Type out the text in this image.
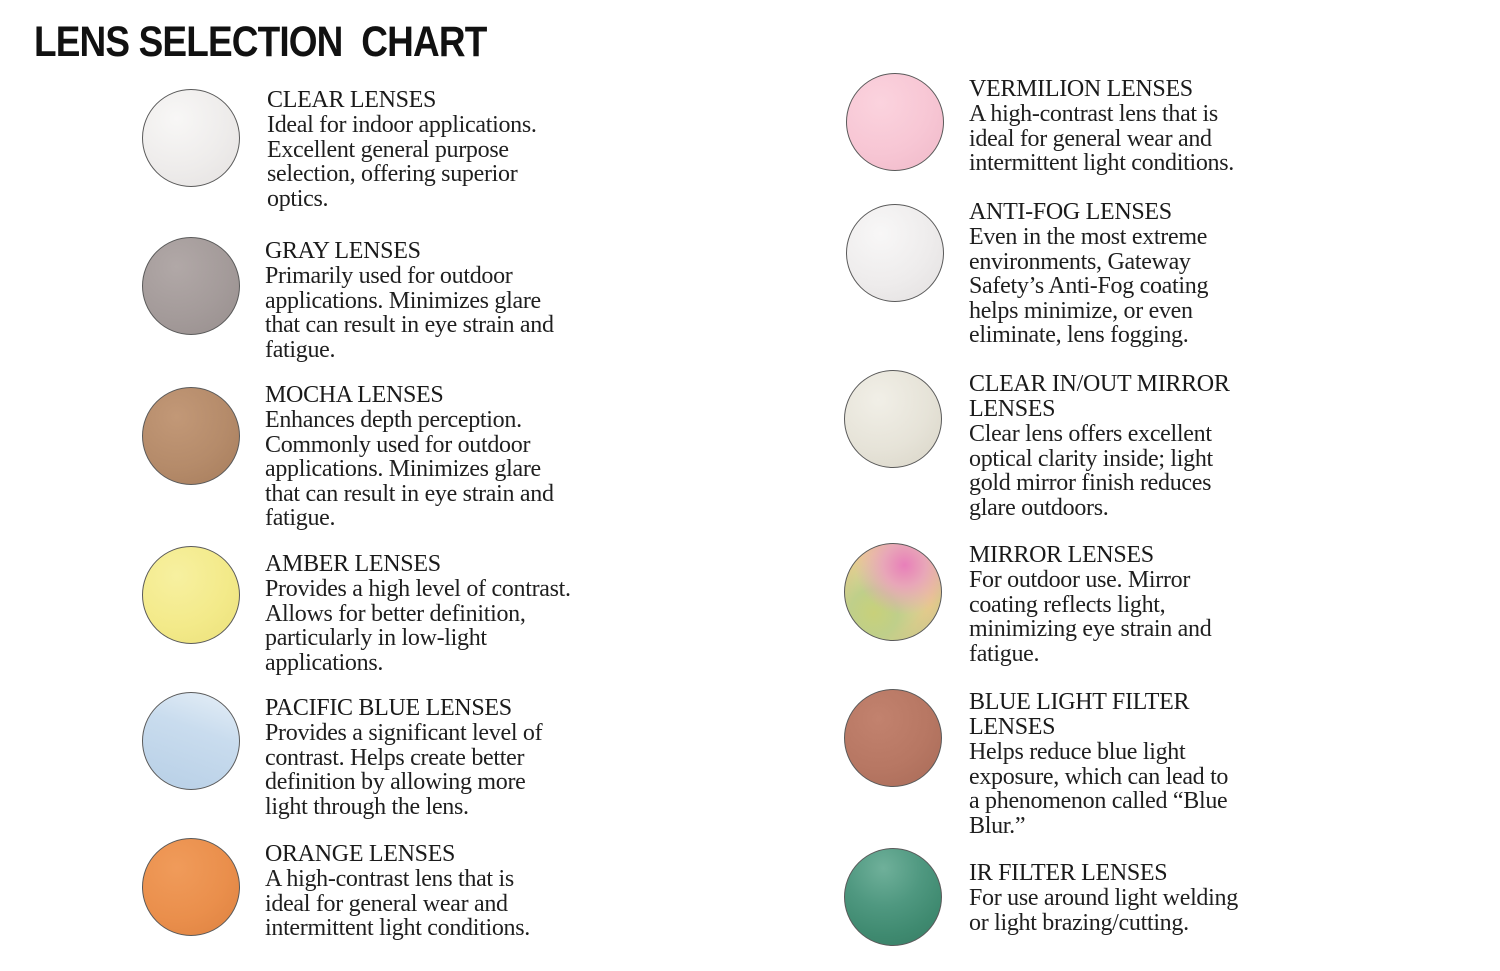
LENS SELECTION  CHART

CLEAR LENSES

Ideal for indoor applications. Excellent general purpose selection, offering superior optics.

GRAY LENSES

Primarily used for outdoor applications. Minimizes glare that can result in eye strain and fatigue.

MOCHA LENSES

Enhances depth perception. Commonly used for outdoor applications. Minimizes glare that can result in eye strain and fatigue.

AMBER LENSES

Provides a high level of contrast. Allows for better definition, particularly in low-light applications.

PACIFIC BLUE LENSES

Provides a significant level of contrast. Helps create better definition by allowing more light through the lens.

ORANGE LENSES

A high-contrast lens that is ideal for general wear and intermittent light conditions.

VERMILION LENSES

A high-contrast lens that is ideal for general wear and intermittent light conditions.

ANTI-FOG LENSES

Even in the most extreme environments, Gateway Safety’s Anti-Fog coating helps minimize, or even eliminate, lens fogging.

CLEAR IN/OUT MIRROR LENSES

Clear lens offers excellent optical clarity inside; light gold mirror finish reduces glare outdoors.

MIRROR LENSES

For outdoor use. Mirror coating reflects light, minimizing eye strain and fatigue.

BLUE LIGHT FILTER LENSES

Helps reduce blue light exposure, which can lead to a phenomenon called “Blue Blur.”

IR FILTER LENSES

For use around light welding or light brazing/cutting.
